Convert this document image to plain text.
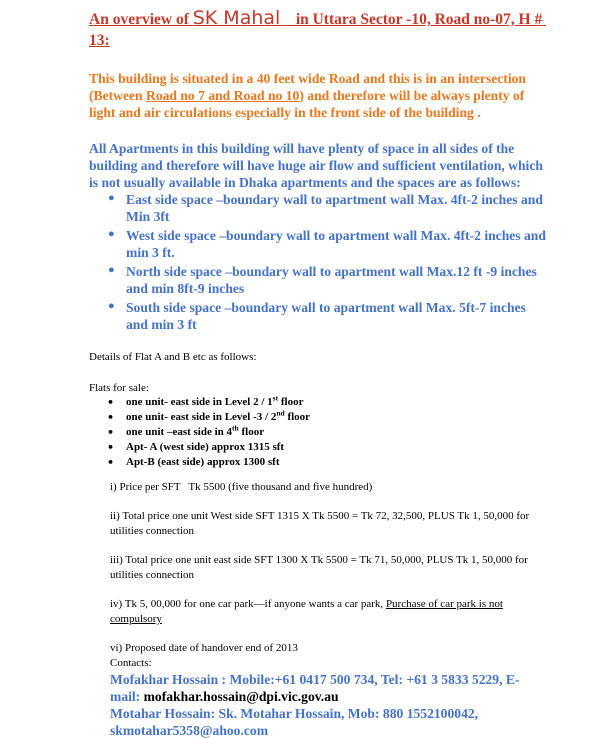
An overview of SK Mahal    in Uttara Sector -10, Road no-07, H # 13:

This building is situated in a 40 feet wide Road and this is in an intersection (Between Road no 7 and Road no 10) and therefore will be always plenty of light and air circulations especially in the front side of the building .

All Apartments in this building will have plenty of space in all sides of the building and therefore will have huge air flow and sufficient ventilation, which is not usually available in Dhaka apartments and the spaces are as follows:

• East side space –boundary wall to apartment wall Max. 4ft-2 inches and Min 3ft
• West side space –boundary wall to apartment wall Max. 4ft-2 inches and min 3 ft.
• North side space –boundary wall to apartment wall Max.12 ft -9 inches and min 8ft-9 inches
• South side space –boundary wall to apartment wall Max. 5ft-7 inches and min 3 ft

Details of Flat A and B etc as follows:

Flats for sale:

• one unit- east side in Level 2 / 1st floor
• one unit- east side in Level -3 / 2nd floor
• one unit –east side in 4th floor
• Apt- A (west side) approx 1315 sft
• Apt-B (east side) approx 1300 sft

i) Price per SFT   Tk 5500 (five thousand and five hundred)

ii) Total price one unit West side SFT 1315 X Tk 5500 = Tk 72, 32,500, PLUS Tk 1, 50,000 for utilities connection

iii) Total price one unit east side SFT 1300 X Tk 5500 = Tk 71, 50,000, PLUS Tk 1, 50,000 for utilities connection

iv) Tk 5, 00,000 for one car park—if anyone wants a car park, Purchase of car park is not compulsory

vi) Proposed date of handover end of 2013

Contacts:

Mofakhar Hossain : Mobile:+61 0417 500 734, Tel: +61 3 5833 5229, E-mail: mofakhar.hossain@dpi.vic.gov.au

Motahar Hossain: Sk. Motahar Hossain, Mob: 880 1552100042, skmotahar5358@ahoo.com
